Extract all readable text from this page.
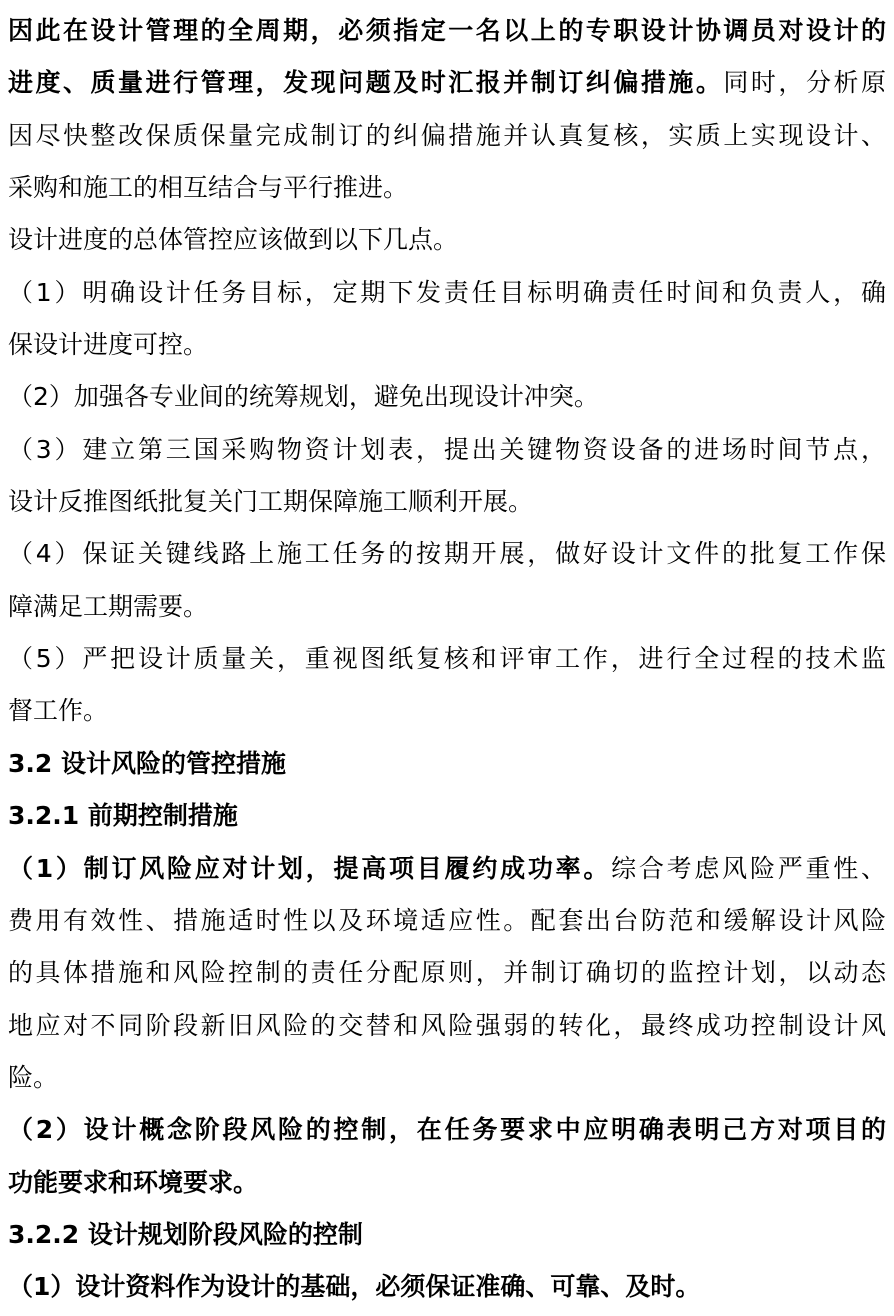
因此在设计管理的全周期，必须指定一名以上的专职设计协调员对设计的
进度、质量进行管理，发现问题及时汇报并制订纠偏措施。同时，分析原
因尽快整改保质保量完成制订的纠偏措施并认真复核，实质上实现设计、
采购和施工的相互结合与平行推进。
设计进度的总体管控应该做到以下几点。
（1）明确设计任务目标，定期下发责任目标明确责任时间和负责人，确
保设计进度可控。
（2）加强各专业间的统筹规划，避免出现设计冲突。
（3）建立第三国采购物资计划表，提出关键物资设备的进场时间节点，
设计反推图纸批复关门工期保障施工顺利开展。
（4）保证关键线路上施工任务的按期开展，做好设计文件的批复工作保
障满足工期需要。
（5）严把设计质量关，重视图纸复核和评审工作，进行全过程的技术监
督工作。
3.2 设计风险的管控措施
3.2.1 前期控制措施
（1）制订风险应对计划，提高项目履约成功率。综合考虑风险严重性、
费用有效性、措施适时性以及环境适应性。配套出台防范和缓解设计风险
的具体措施和风险控制的责任分配原则，并制订确切的监控计划，以动态
地应对不同阶段新旧风险的交替和风险强弱的转化，最终成功控制设计风
险。
（2）设计概念阶段风险的控制，在任务要求中应明确表明己方对项目的
功能要求和环境要求。
3.2.2 设计规划阶段风险的控制
（1）设计资料作为设计的基础，必须保证准确、可靠、及时。
